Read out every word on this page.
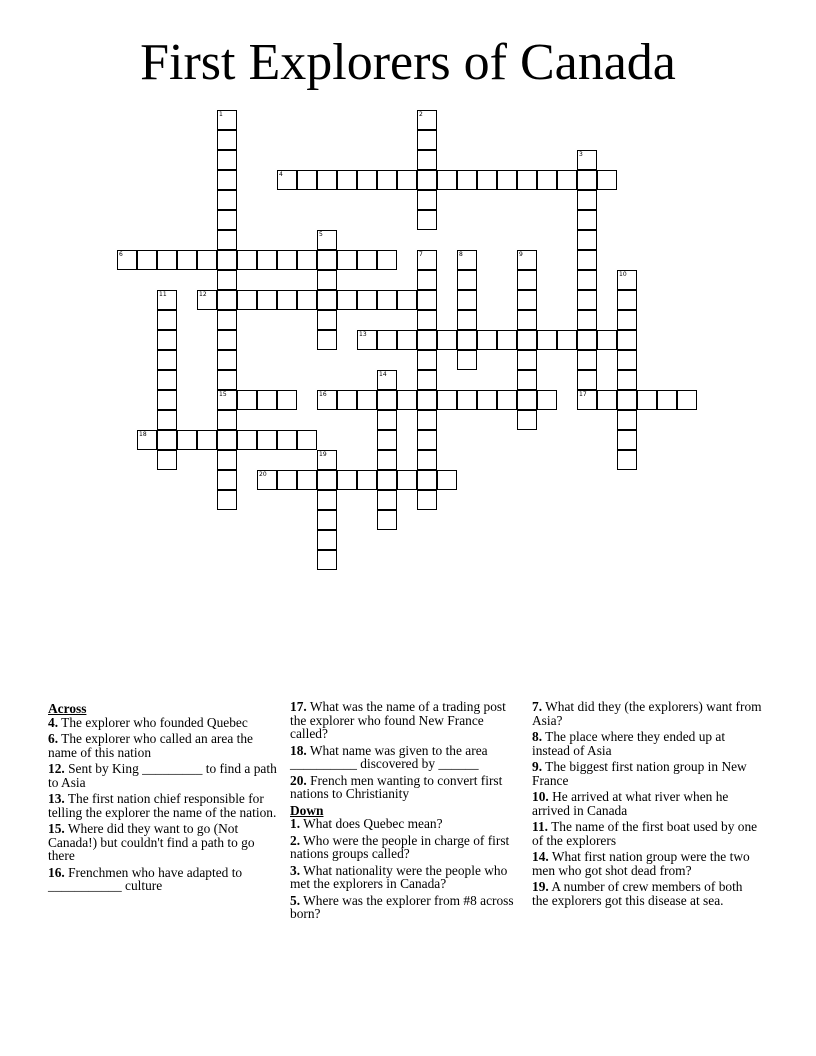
First Explorers of Canada
4
6
12
13
15	16	17
18
20
1	2
3
5
7	8	9
10
11
14
19
Across
4. The explorer who founded Quebec
6. The explorer who called an area the name of this nation
12. Sent by King _________ to find a path to Asia
13. The first nation chief responsible for telling the explorer the name of the nation.
15. Where did they want to go (Not Canada!) but couldn't find a path to go there
16. Frenchmen who have adapted to ___________ culture
17. What was the name of a trading post the explorer who found New France called?
18. What name was given to the area __________ discovered by ______
20. French men wanting to convert first nations to Christianity
Down
1. What does Quebec mean?
2. Who were the people in charge of first nations groups called?
3. What nationality were the people who met the explorers in Canada?
5. Where was the explorer from #8 across born?
7. What did they (the explorers) want from Asia?
8. The place where they ended up at instead of Asia
9. The biggest first nation group in New France
10. He arrived at what river when he arrived in Canada
11. The name of the first boat used by one of the explorers
14. What first nation group were the two men who got shot dead from?
19. A number of crew members of both the explorers got this disease at sea.
